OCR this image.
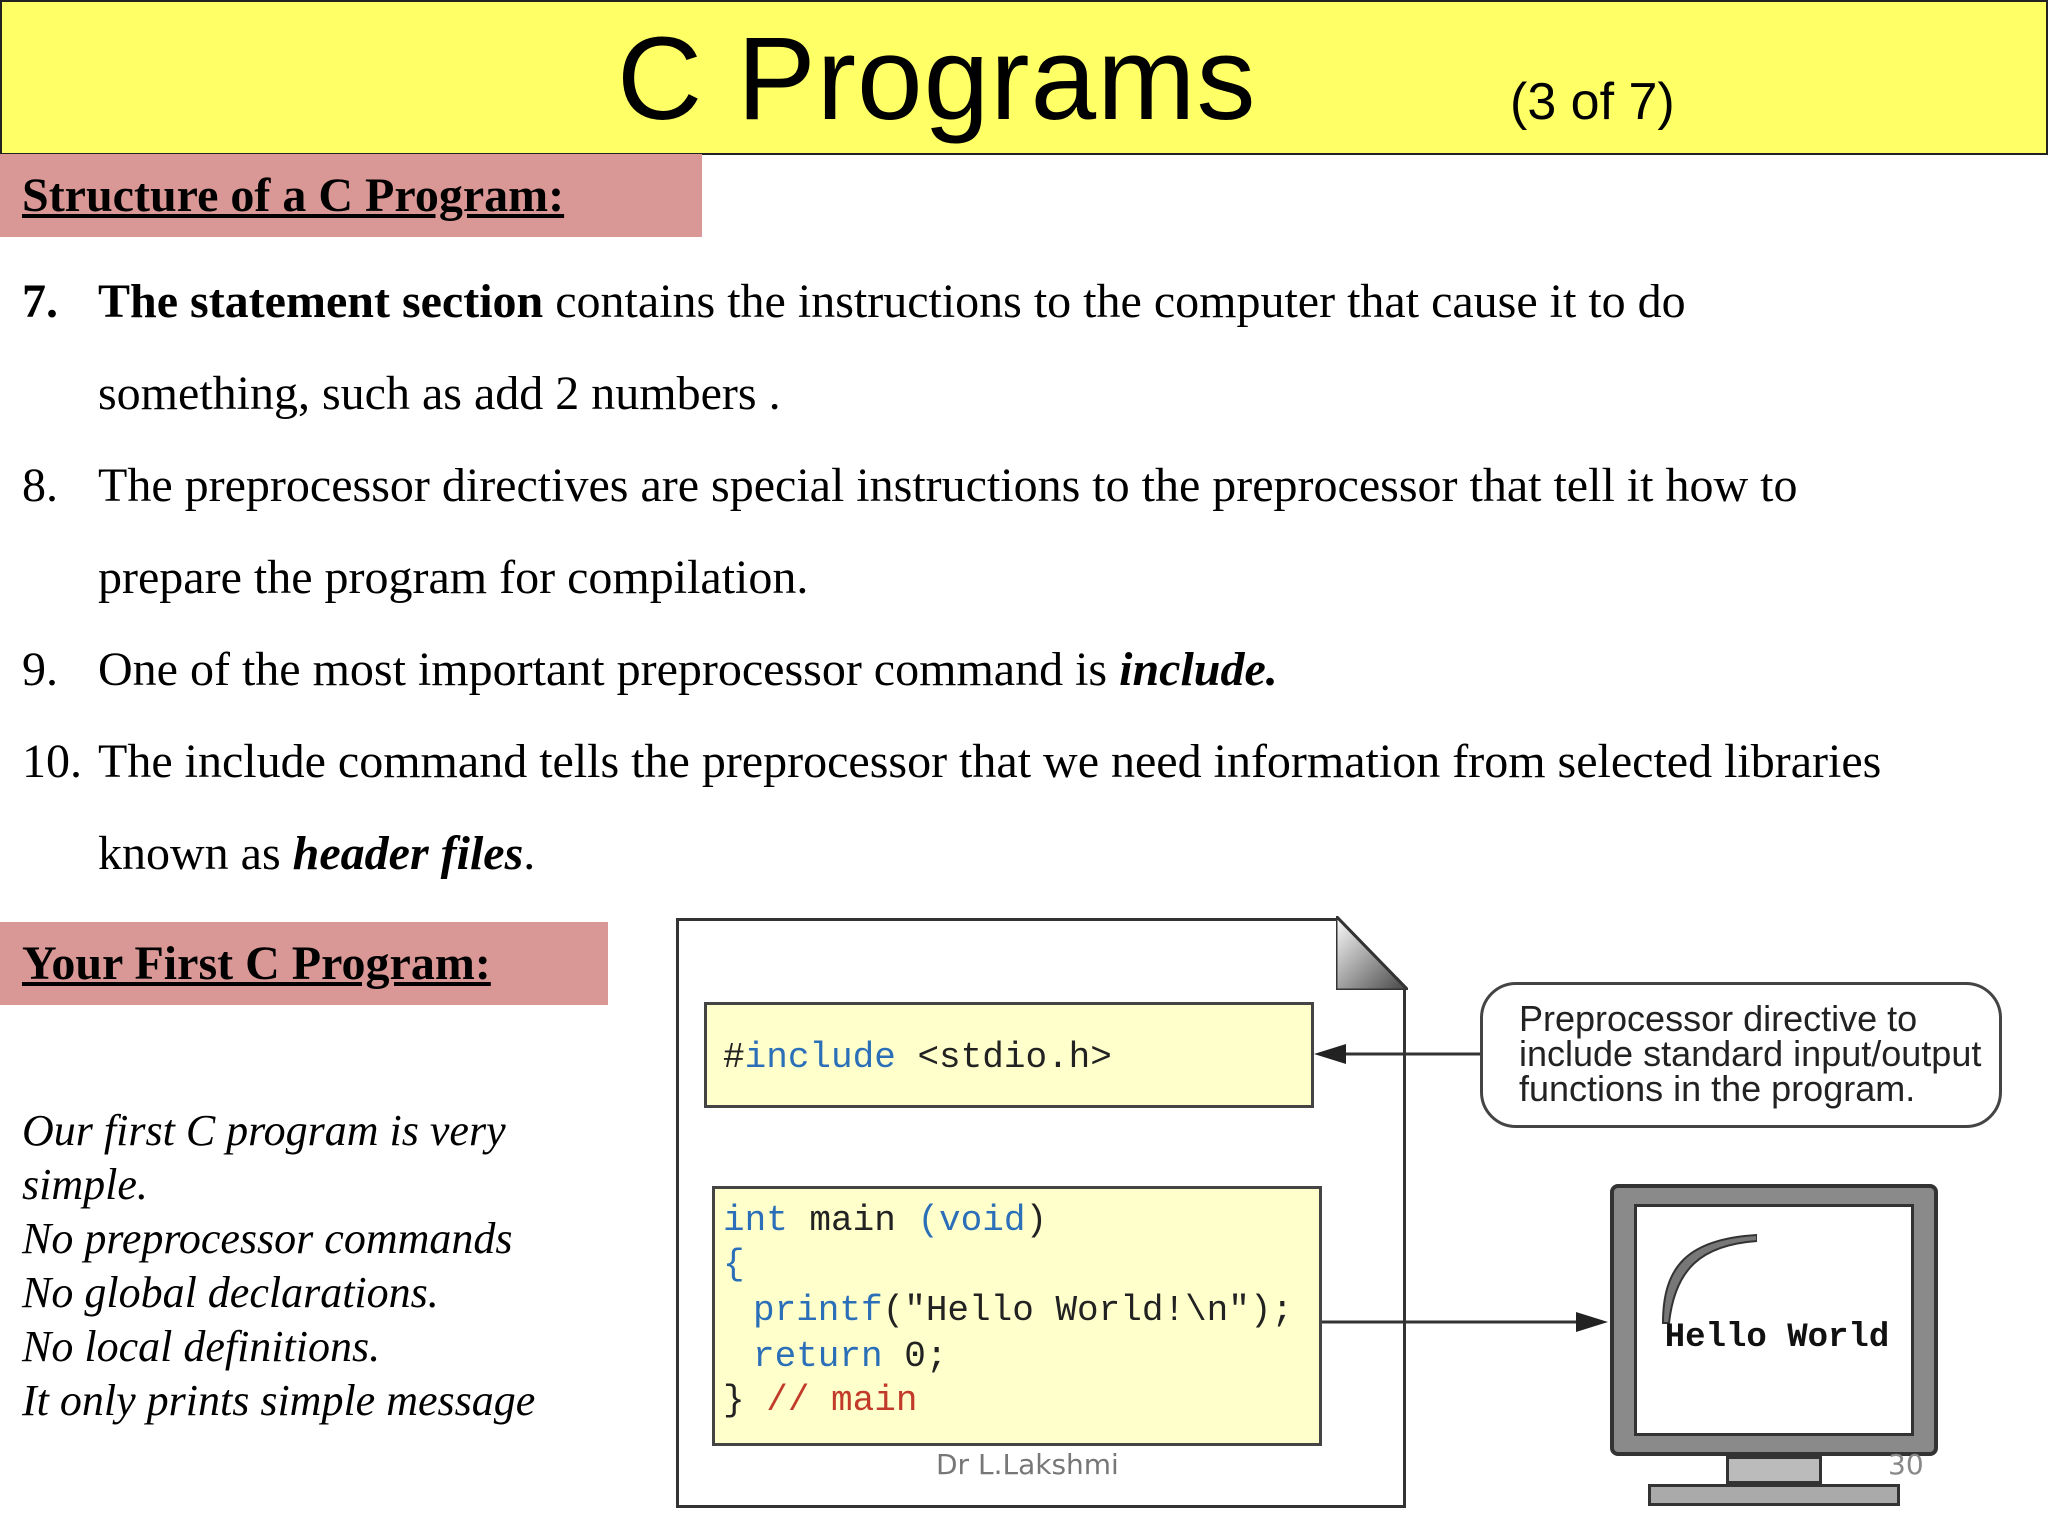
C Programs	(3 of 7)
Structure of a C Program:
7. The statement section contains the instructions to the computer that cause it to do
something, such as add 2 numbers .
8. The preprocessor directives are special instructions to the preprocessor that tell it how to
prepare the program for compilation.
9. One of the most important preprocessor command is include.
10. The include command tells the preprocessor that we need information from selected libraries
known as header files.
Your First C Program:
Our first C program is very
simple.
No preprocessor commands
No global declarations.
No local definitions.
It only prints simple message
#include <stdio.h>
int main (void)
{
printf("Hello World!\n");
return 0;
} // main
Preprocessor directive to
include standard input/output
functions in the program.
Hello World
Dr L.Lakshmi	30
